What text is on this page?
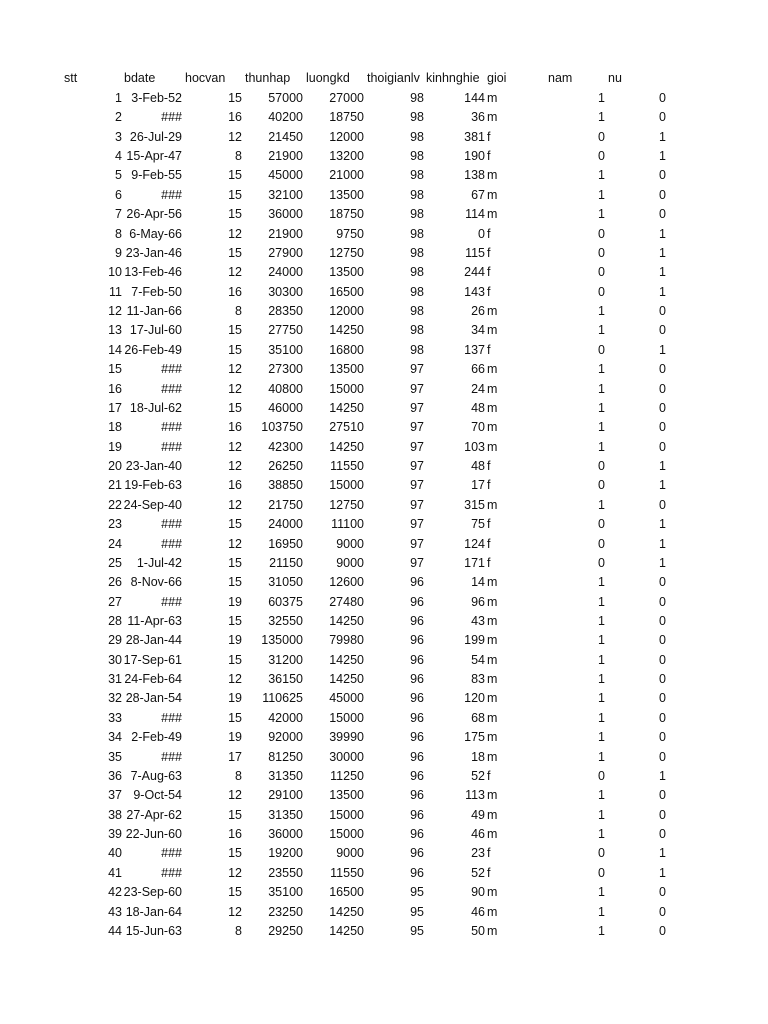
stt	bdate hocvan thunhap luongkd thoigianlv kinhnghie gioi	nam	nu
1 3-Feb-52	15	57000	27000	98	144 m	1	0
2	###	16	40200	18750	98	36 m	1	0
3 26-Jul-29	12	21450	12000	98	381 f	0	1
4 15-Apr-47	8	21900	13200	98	190 f	0	1
5 9-Feb-55	15	45000	21000	98	138 m	1	0
6	###	15	32100	13500	98	67 m	1	0
7 26-Apr-56	15	36000	18750	98	114 m	1	0
8 6-May-66	12	21900	9750	98	0 f	0	1
9 23-Jan-46	15	27900	12750	98	115 f	0	1
10 13-Feb-46	12	24000	13500	98	244 f	0	1
11 7-Feb-50	16	30300	16500	98	143 f	0	1
12 11-Jan-66	8	28350	12000	98	26 m	1	0
13 17-Jul-60	15	27750	14250	98	34 m	1	0
14 26-Feb-49	15	35100	16800	98	137 f	0	1
15	###	12	27300	13500	97	66 m	1	0
16	###	12	40800	15000	97	24 m	1	0
17 18-Jul-62	15	46000	14250	97	48 m	1	0
18	###	16	103750	27510	97	70 m	1	0
19	###	12	42300	14250	97	103 m	1	0
20 23-Jan-40	12	26250	11550	97	48 f	0	1
21 19-Feb-63	16	38850	15000	97	17 f	0	1
22 24-Sep-40	12	21750	12750	97	315 m	1	0
23	###	15	24000	11100	97	75 f	0	1
24	###	12	16950	9000	97	124 f	0	1
25	1-Jul-42	15	21150	9000	97	171 f	0	1
26 8-Nov-66	15	31050	12600	96	14 m	1	0
27	###	19	60375	27480	96	96 m	1	0
28 11-Apr-63	15	32550	14250	96	43 m	1	0
29 28-Jan-44	19	135000	79980	96	199 m	1	0
30 17-Sep-61	15	31200	14250	96	54 m	1	0
31 24-Feb-64	12	36150	14250	96	83 m	1	0
32 28-Jan-54	19	110625	45000	96	120 m	1	0
33	###	15	42000	15000	96	68 m	1	0
34 2-Feb-49	19	92000	39990	96	175 m	1	0
35	###	17	81250	30000	96	18 m	1	0
36 7-Aug-63	8	31350	11250	96	52 f	0	1
37 9-Oct-54	12	29100	13500	96	113 m	1	0
38 27-Apr-62	15	31350	15000	96	49 m	1	0
39 22-Jun-60	16	36000	15000	96	46 m	1	0
40	###	15	19200	9000	96	23 f	0	1
41	###	12	23550	11550	96	52 f	0	1
42 23-Sep-60	15	35100	16500	95	90 m	1	0
43 18-Jan-64	12	23250	14250	95	46 m	1	0
44 15-Jun-63	8	29250	14250	95	50 m	1	0
